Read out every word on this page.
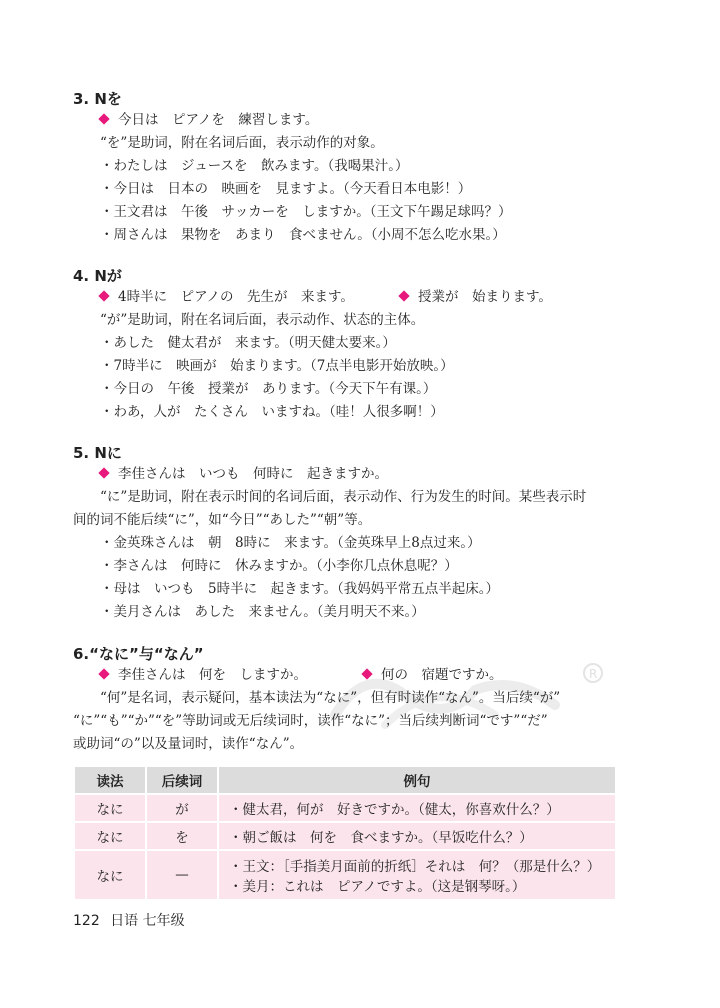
3. Nを
今日は　ピアノを　練習します。
“を”是助词，附在名词后面，表示动作的对象。
・わたしは　ジュースを　飲みます。（我喝果汁。）
・今日は　日本の　映画を　見ますよ。（今天看日本电影！）
・王文君は　午後　サッカーを　しますか。（王文下午踢足球吗？）
・周さんは　果物を　あまり　食べません。（小周不怎么吃水果。）
4. Nが
4時半に　ピアノの　先生が　来ます。	授業が　始まります。
“が”是助词，附在名词后面，表示动作、状态的主体。
・あした　健太君が　来ます。（明天健太要来。）
・7時半に　映画が　始まります。（7点半电影开始放映。）
・今日の　午後　授業が　あります。（今天下午有课。）
・わあ，人が　たくさん　いますね。（哇！人很多啊！）
5. Nに
李佳さんは　いつも　何時に　起きますか。
“に”是助词，附在表示时间的名词后面，表示动作、行为发生的时间。某些表示时
间的词不能后续“に”，如“今日”“あした”“朝”等。
・金英珠さんは　朝　8時に　来ます。（金英珠早上8点过来。）
・李さんは　何時に　休みますか。（小李你几点休息呢？）
・母は　いつも　5時半に　起きます。（我妈妈平常五点半起床。）
・美月さんは　あした　来ません。（美月明天不来。）
6.“なに”与“なん”
R
李佳さんは　何を　しますか。	何の　宿題ですか。
“何”是名词，表示疑问，基本读法为“なに”，但有时读作“なん”。当后续“が”
“に”“も”“か”“を”等助词或无后续词时，读作“なに”；当后续判断词“です”“だ”
或助词“の”以及量词时，读作“なん”。
读法	后续词	例句
なに	が	・健太君，何が　好きですか。（健太，你喜欢什么？）
なに	を	・朝ご飯は　何を　食べますか。（早饭吃什么？）
なに	—	・王文：［手指美月面前的折纸］それは　何？（那是什么？）
・美月：これは　ピアノですよ。（这是钢琴呀。）
122 日语 七年级
